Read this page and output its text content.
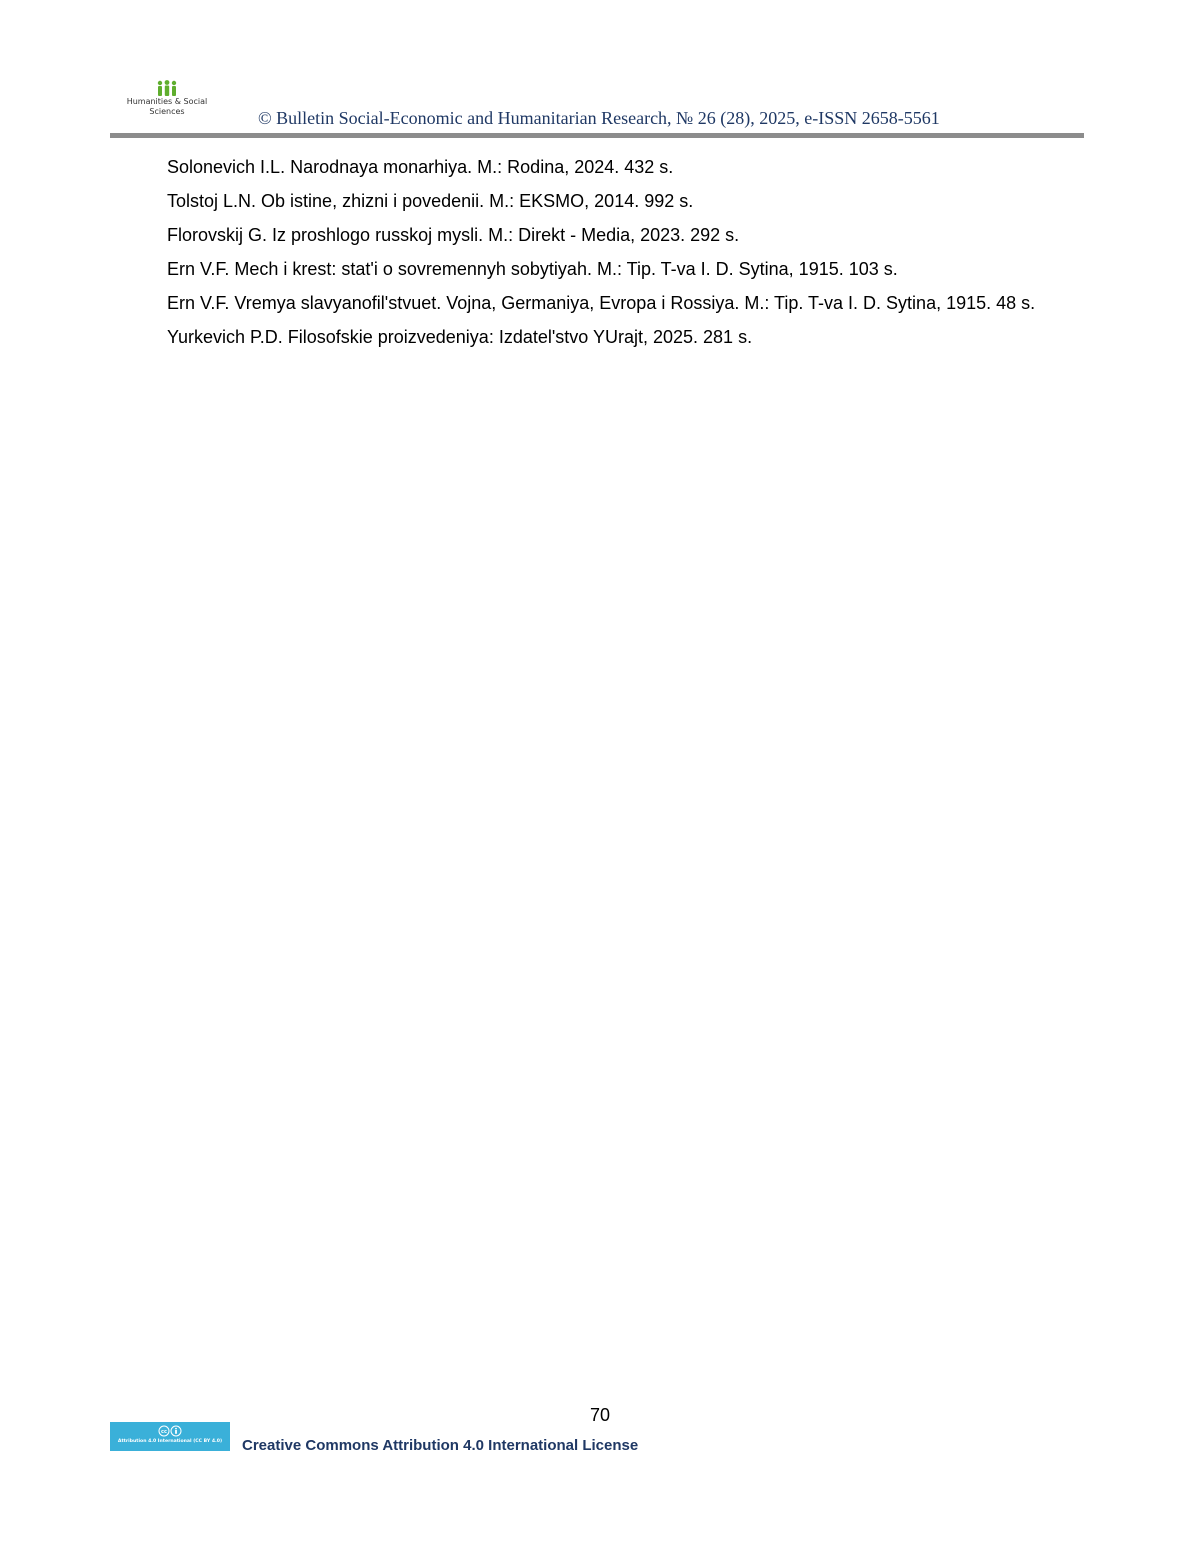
Humanities & Social
Sciences	© Bulletin Social-Economic and Humanitarian Research, № 26 (28), 2025, e-ISSN 2658-5561

Solonevich I.L. Narodnaya monarhiya. M.: Rodina, 2024. 432 s.

Tolstoj L.N. Ob istine, zhizni i povedenii. M.: EKSMO, 2014. 992 s.

Florovskij G. Iz proshlogo russkoj mysli. M.: Direkt - Media, 2023. 292 s.

Ern V.F. Mech i krest: stat'i o sovremennyh sobytiyah. M.: Tip. T-va I. D. Sytina, 1915. 103 s.

Ern V.F. Vremya slavyanofil'stvuet. Vojna, Germaniya, Evropa i Rossiya. M.: Tip. T-va I. D. Sytina, 1915. 48 s.

Yurkevich P.D. Filosofskie proizvedeniya: Izdatel'stvo YUrajt, 2025. 281 s.

70
cc
Attribution 4.0 International (CC BY 4.0)	Creative Commons Attribution 4.0 International License
